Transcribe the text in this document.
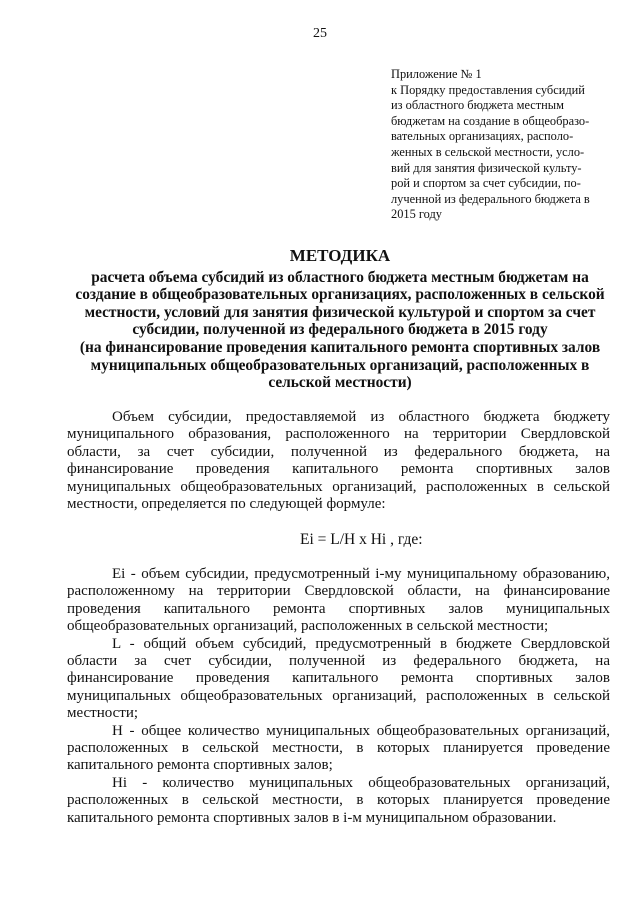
25
Приложение № 1
к Порядку предоставления субсидий
из областного бюджета местным
бюджетам на создание в общеобразо-
вательных организациях, располо-
женных в сельской местности, усло-
вий для занятия физической культу-
рой и спортом за счет субсидии, по-
лученной из федерального бюджета в
2015 году
МЕТОДИКА
расчета объема субсидий из областного бюджета местным бюджетам на
создание в общеобразовательных организациях, расположенных в сельской
местности, условий для занятия физической культурой и спортом за счет
субсидии, полученной из федерального бюджета в 2015 году
(на финансирование проведения капитального ремонта спортивных залов
муниципальных общеобразовательных организаций, расположенных в
сельской местности)

Объем субсидии, предоставляемой из областного бюджета бюджету муниципального образования, расположенного на территории Свердловской области, за счет субсидии, полученной из федерального бюджета, на финансирование проведения капитального ремонта спортивных залов муниципальных общеобразовательных организаций, расположенных в сельской местности, определяется по следующей формуле:

Ei = L/H x Hi , где:

Ei - объем субсидии, предусмотренный i-му муниципальному образованию, расположенному на территории Свердловской области, на финансирование проведения капитального ремонта спортивных залов муниципальных общеобразовательных организаций, расположенных в сельской местности;

L - общий объем субсидий, предусмотренный в бюджете Свердловской области за счет субсидии, полученной из федерального бюджета, на финансирование проведения капитального ремонта спортивных залов муниципальных общеобразовательных организаций, расположенных в сельской местности;

H - общее количество муниципальных общеобразовательных организаций, расположенных в сельской местности, в которых планируется проведение капитального ремонта спортивных залов;

Hi - количество муниципальных общеобразовательных организаций, расположенных в сельской местности, в которых планируется проведение капитального ремонта спортивных залов в i-м муниципальном образовании.
